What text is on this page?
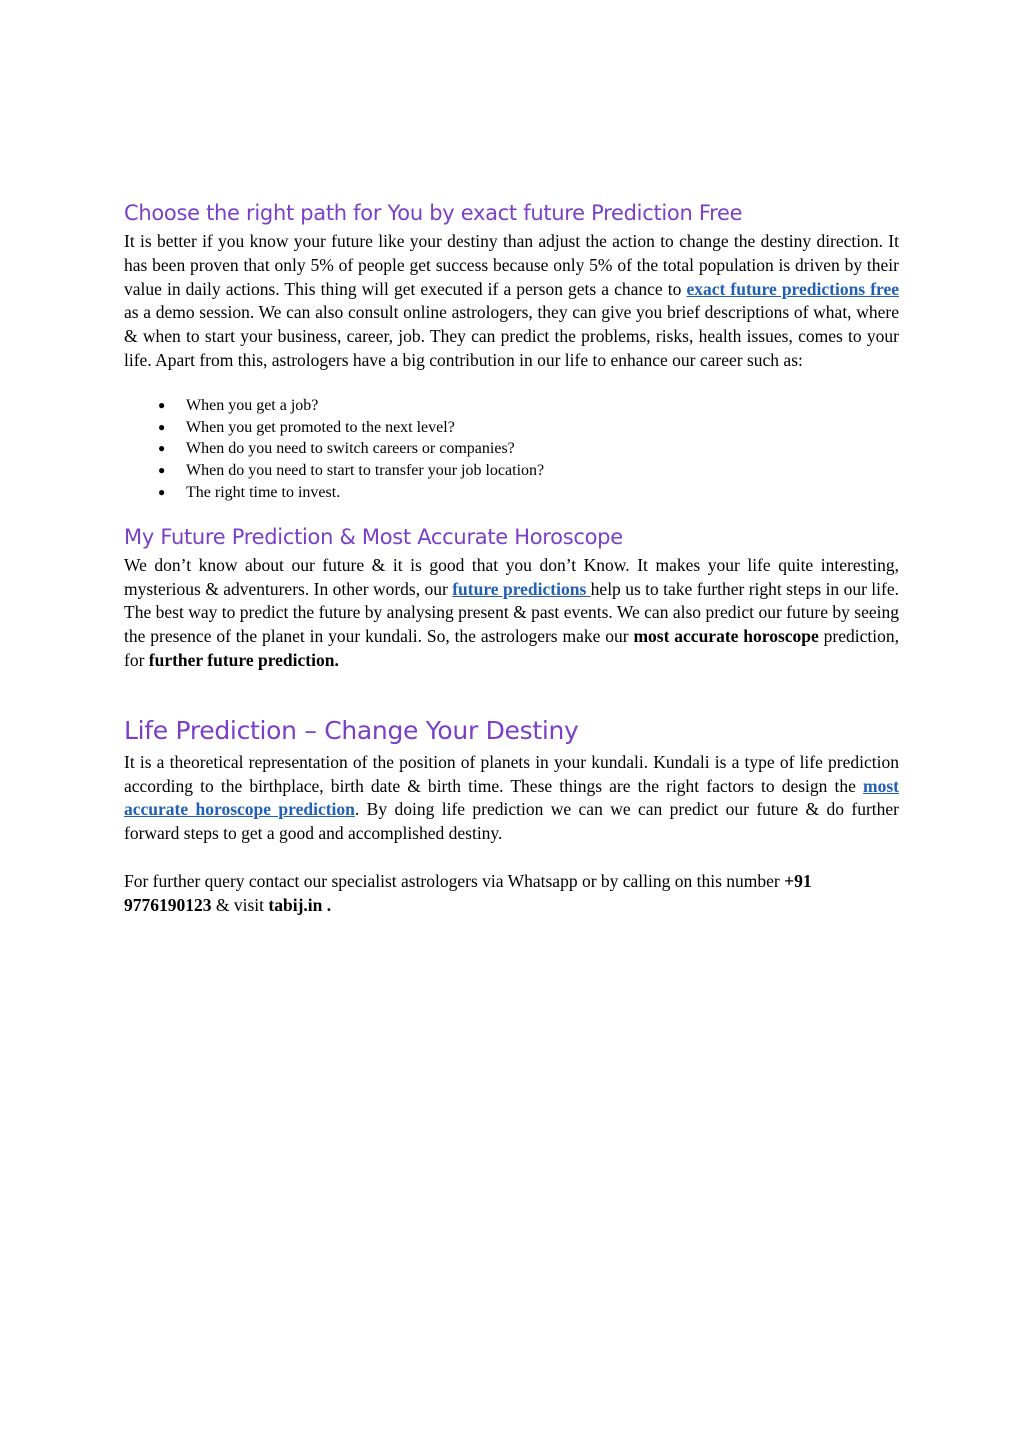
Choose the right path for You by exact future Prediction Free

It is better if you know your future like your destiny than adjust the action to change the destiny direction. It has been proven that only 5% of people get success because only 5% of the total population is driven by their value in daily actions. This thing will get executed if a person gets a chance to exact future predictions free as a demo session. We can also consult online astrologers, they can give you brief descriptions of what, where & when to start your business, career, job. They can predict the problems, risks, health issues, comes to your life. Apart from this, astrologers have a big contribution in our life to enhance our career such as:

● When you get a job?
● When you get promoted to the next level?
● When do you need to switch careers or companies?
● When do you need to start to transfer your job location?
● The right time to invest.
My Future Prediction & Most Accurate Horoscope

We don’t know about our future & it is good that you don’t Know. It makes your life quite interesting, mysterious & adventurers. In other words, our future predictions help us to take further right steps in our life. The best way to predict the future by analysing present & past events. We can also predict our future by seeing the presence of the planet in your kundali. So, the astrologers make our most accurate horoscope prediction, for further future prediction.

Life Prediction – Change Your Destiny

It is a theoretical representation of the position of planets in your kundali. Kundali is a type of life prediction according to the birthplace, birth date & birth time. These things are the right factors to design the most accurate horoscope prediction. By doing life prediction we can we can predict our future & do further forward steps to get a good and accomplished destiny.

For further query contact our specialist astrologers via Whatsapp or by calling on this number +91 9776190123 & visit tabij.in .
